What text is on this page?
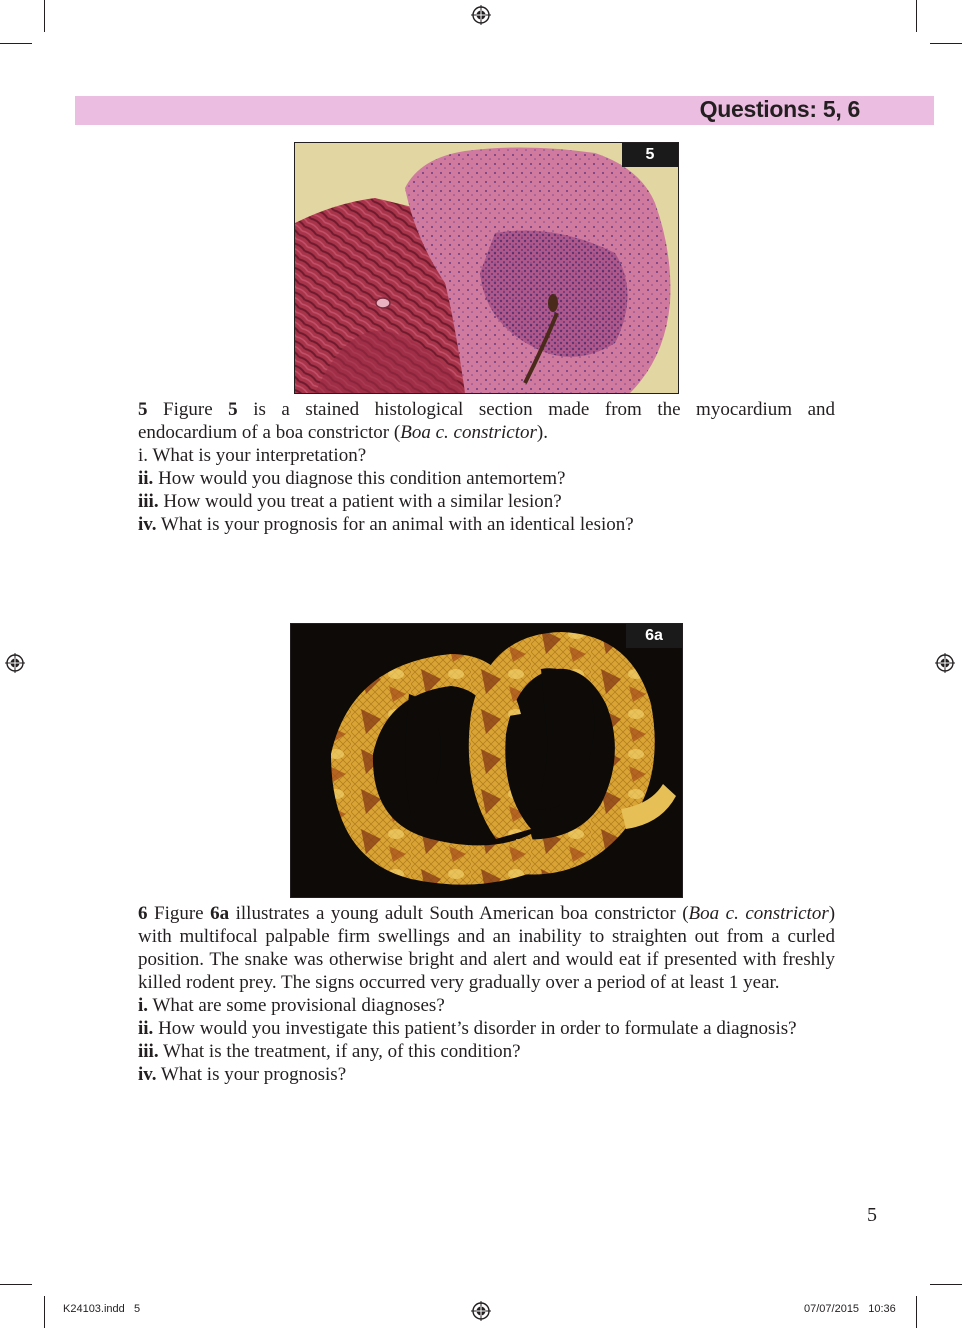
Questions: 5, 6
5

5 Figure 5 is a stained histological section made from the myocardium and

endocardium of a boa constrictor (Boa c. constrictor).

i. What is your interpretation?

ii. How would you diagnose this condition antemortem?

iii. How would you treat a patient with a similar lesion?

iv. What is your prognosis for an animal with an identical lesion?

6a

6 Figure 6a illustrates a young adult South American boa constrictor (Boa c. constrictor) with multifocal palpable firm swellings and an inability to straighten out from a curled position. The snake was otherwise bright and alert and would eat if presented with freshly killed rodent prey. The signs occurred very gradually over a period of at least 1 year.

i. What are some provisional diagnoses?

ii. How would you investigate this patient’s disorder in order to formulate a diagnosis?

iii. What is the treatment, if any, of this condition?

iv. What is your prognosis?

5
K24103.indd   5	07/07/2015   10:36
